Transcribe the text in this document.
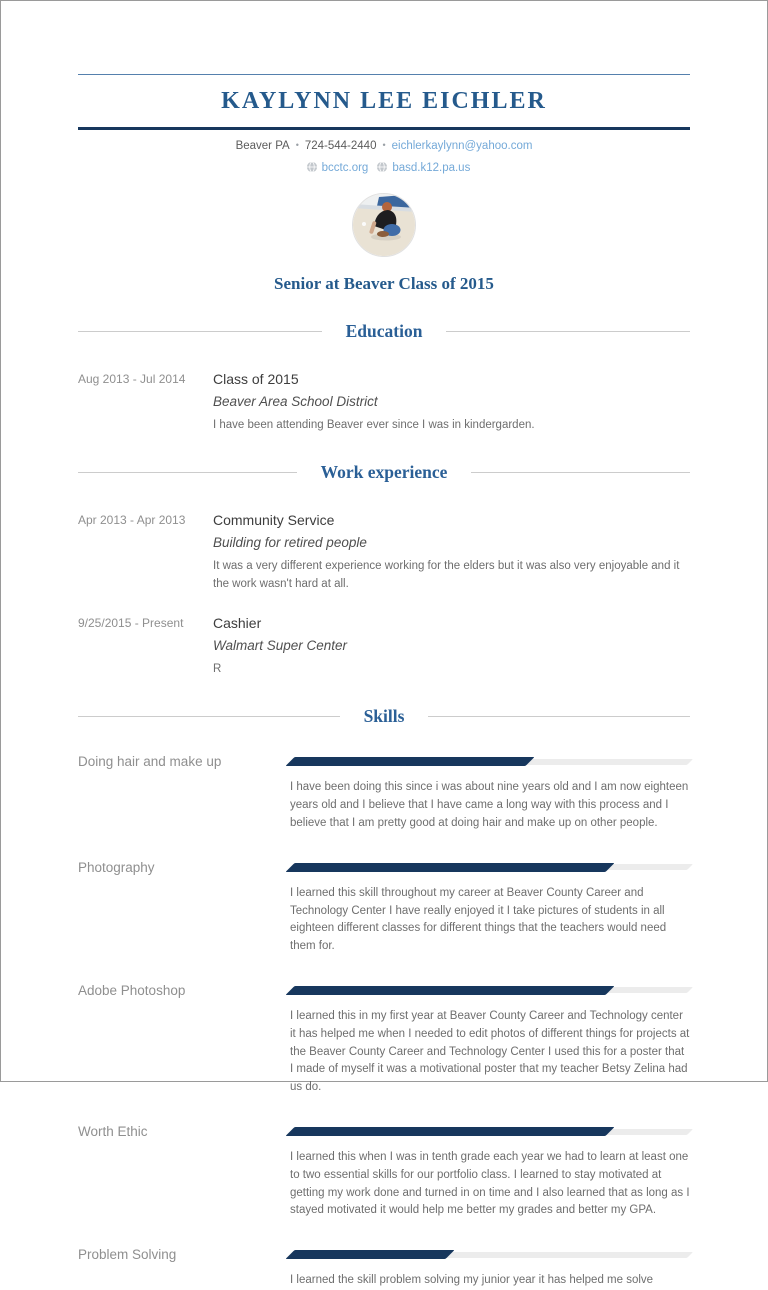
KAYLYNN LEE EICHLER
Beaver PA • 724-544-2440 • eichlerkaylynn@yahoo.com
bcctc.org basd.k12.pa.us
Senior at Beaver Class of 2015
Education
Aug 2013 - Jul 2014	Class of 2015
Beaver Area School District
I have been attending Beaver ever since I was in kindergarden.
Work experience
Apr 2013 - Apr 2013	Community Service
Building for retired people
It was a very different experience working for the elders but it was also very enjoyable and it the work wasn't hard at all.
9/25/2015 - Present	Cashier
Walmart Super Center
R
Skills
Doing hair and make up
I have been doing this since i was about nine years old and I am now eighteen years old and I believe that I have came a long way with this process and I believe that I am pretty good at doing hair and make up on other people.
Photography
I learned this skill throughout my career at Beaver County Career and Technology Center I have really enjoyed it I take pictures of students in all eighteen different classes for different things that the teachers would need them for.
Adobe Photoshop
I learned this in my first year at Beaver County Career and Technology center it has helped me when I needed to edit photos of different things for projects at the Beaver County Career and Technology Center I used this for a poster that I made of myself it was a motivational poster that my teacher Betsy Zelina had us do.
Worth Ethic
I learned this when I was in tenth grade each year we had to learn at least one to two essential skills for our portfolio class. I learned to stay motivated at getting my work done and turned in on time and I also learned that as long as I stayed motivated it would help me better my grades and better my GPA.
Problem Solving
I learned the skill problem solving my junior year it has helped me solve
